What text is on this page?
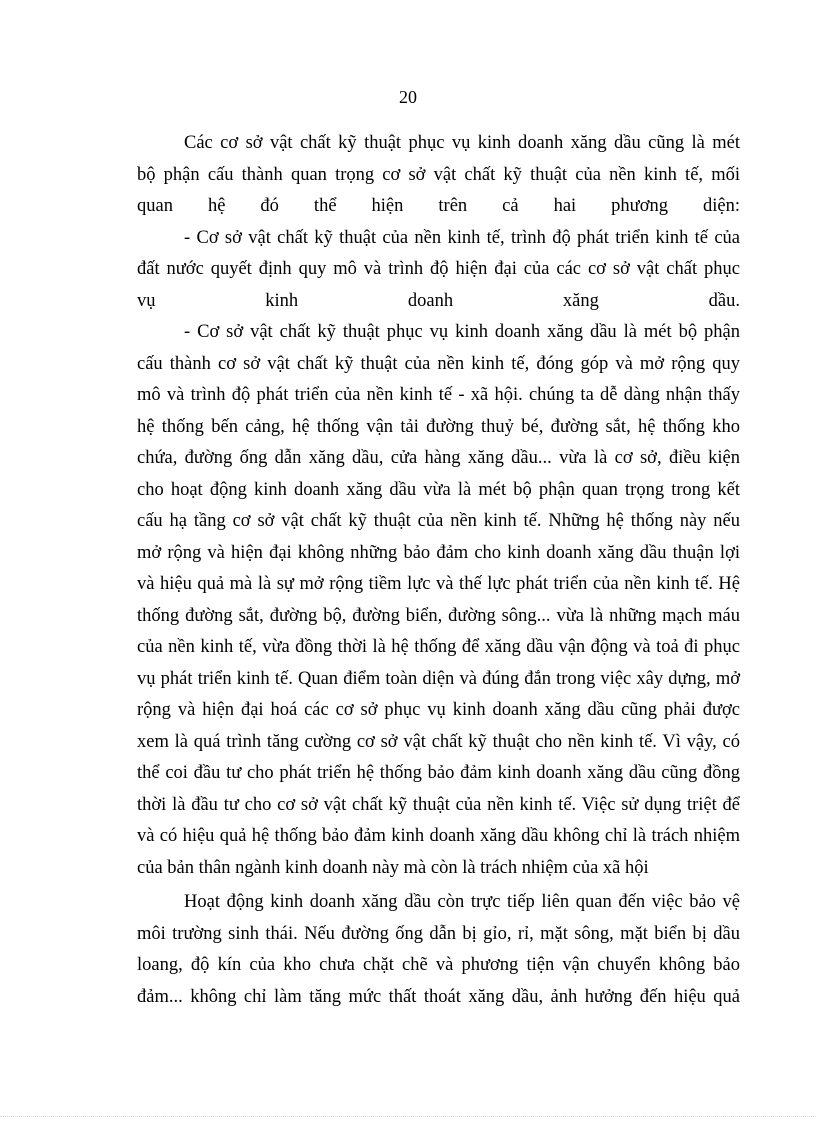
20
Các cơ sở vật chất kỹ thuật phục vụ kinh doanh xăng dầu cũng là mét
bộ phận cấu thành quan trọng cơ sở vật chất kỹ thuật của nền kinh tế, mối
quan hệ đó thể hiện trên cả hai phương diện:
- Cơ sở vật chất kỹ thuật của nền kinh tế, trình độ phát triển kinh tế của
đất nước quyết định quy mô và trình độ hiện đại của các cơ sở vật chất phục
vụ kinh doanh xăng dầu.
- Cơ sở vật chất kỹ thuật phục vụ kinh doanh xăng dầu là mét bộ phận
cấu thành cơ sở vật chất kỹ thuật của nền kinh tế, đóng góp và mở rộng quy
mô và trình độ phát triển của nền kinh tế - xã hội. chúng ta dễ dàng nhận thấy
hệ thống bến cảng, hệ thống vận tải đường thuỷ bé, đường sắt, hệ thống kho
chứa, đường ống dẫn xăng dầu, cửa hàng xăng dầu... vừa là cơ sở, điều kiện
cho hoạt động kinh doanh xăng dầu vừa là mét bộ phận quan trọng trong kết
cấu hạ tầng cơ sở vật chất kỹ thuật của nền kinh tế. Những hệ thống này nếu
mở rộng và hiện đại không những bảo đảm cho kinh doanh xăng dầu thuận lợi
và hiệu quả mà là sự mở rộng tiềm lực và thế lực phát triển của nền kinh tế. Hệ
thống đường sắt, đường bộ, đường biển, đường sông... vừa là những mạch máu
của nền kinh tế, vừa đồng thời là hệ thống để xăng dầu vận động và toả đi phục
vụ phát triển kinh tế. Quan điểm toàn diện và đúng đắn trong việc xây dựng, mở
rộng và hiện đại hoá các cơ sở phục vụ kinh doanh xăng dầu cũng phải được
xem là quá trình tăng cường cơ sở vật chất kỹ thuật cho nền kinh tế. Vì vậy, có
thể coi đầu tư cho phát triển hệ thống bảo đảm kinh doanh xăng dầu cũng đồng
thời là đầu tư cho cơ sở vật chất kỹ thuật của nền kinh tế. Việc sử dụng triệt để
và có hiệu quả hệ thống bảo đảm kinh doanh xăng dầu không chỉ là trách nhiệm
của bản thân ngành kinh doanh này mà còn là trách nhiệm của xã hội
Hoạt động kinh doanh xăng dầu còn trực tiếp liên quan đến việc bảo vệ
môi trường sinh thái. Nếu đường ống dẫn bị gỉo, rỉ, mặt sông, mặt biển bị dầu
loang, độ kín của kho chưa chặt chẽ và phương tiện vận chuyển không bảo
đảm... không chỉ làm tăng mức thất thoát xăng dầu, ảnh hưởng đến hiệu quả
